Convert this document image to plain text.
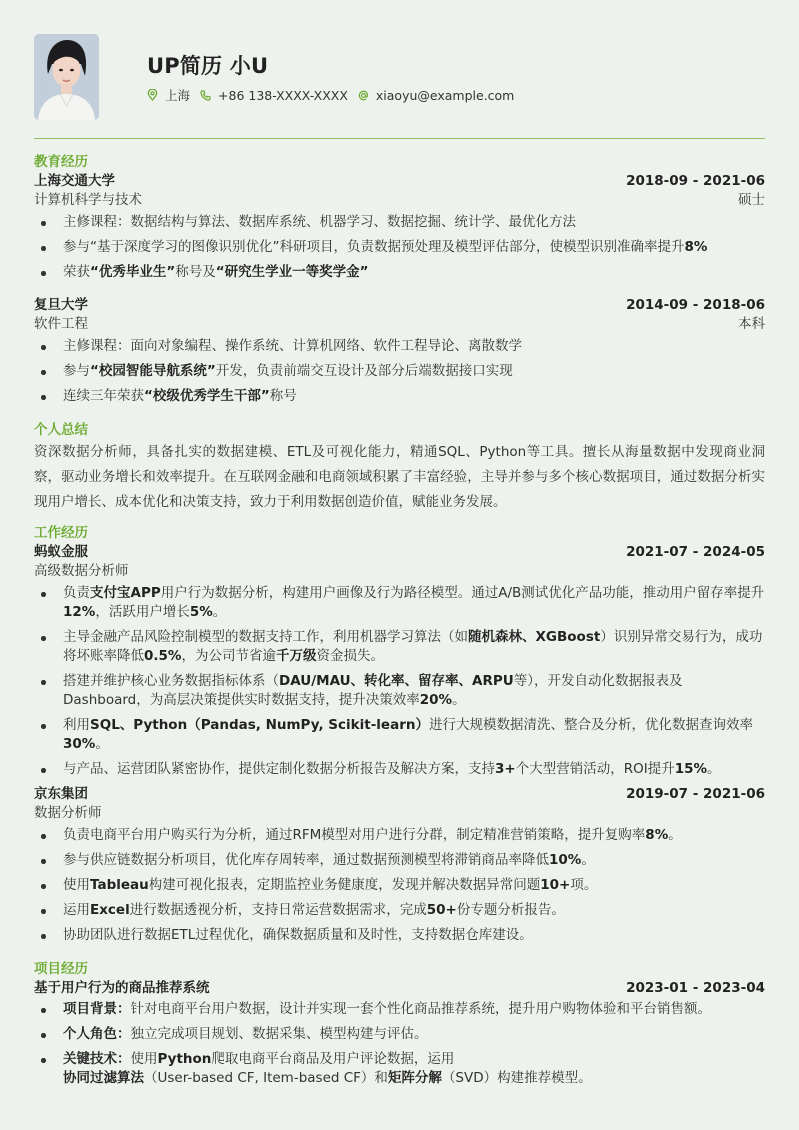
UP简历 小U
上海 +86 138-XXXX-XXXX xiaoyu@example.com
教育经历
上海交通大学	2018-09 - 2021-06
计算机科学与技术	硕士
主修课程：数据结构与算法、数据库系统、机器学习、数据挖掘、统计学、最优化方法
参与“基于深度学习的图像识别优化”科研项目，负责数据预处理及模型评估部分，使模型识别准确率提升8%
荣获“优秀毕业生”称号及“研究生学业一等奖学金”
复旦大学	2014-09 - 2018-06
软件工程	本科
主修课程：面向对象编程、操作系统、计算机网络、软件工程导论、离散数学
参与“校园智能导航系统”开发，负责前端交互设计及部分后端数据接口实现
连续三年荣获“校级优秀学生干部”称号
个人总结
资深数据分析师，具备扎实的数据建模、ETL及可视化能力，精通SQL、Python等工具。擅长从海量数据中发现商业洞察，驱动业务增长和效率提升。在互联网金融和电商领域积累了丰富经验，主导并参与多个核心数据项目，通过数据分析实现用户增长、成本优化和决策支持，致力于利用数据创造价值，赋能业务发展。
工作经历
蚂蚁金服	2021-07 - 2024-05
高级数据分析师
负责支付宝APP用户行为数据分析，构建用户画像及行为路径模型。通过A/B测试优化产品功能，推动用户留存率提升12%，活跃用户增长5%。
主导金融产品风险控制模型的数据支持工作，利用机器学习算法（如随机森林、XGBoost）识别异常交易行为，成功将坏账率降低0.5%，为公司节省逾千万级资金损失。
搭建并维护核心业务数据指标体系（DAU/MAU、转化率、留存率、ARPU等），开发自动化数据报表及Dashboard，为高层决策提供实时数据支持，提升决策效率20%。
利用SQL、Python（Pandas, NumPy, Scikit-learn）进行大规模数据清洗、整合及分析，优化数据查询效率30%。
与产品、运营团队紧密协作，提供定制化数据分析报告及解决方案，支持3+个大型营销活动，ROI提升15%。
京东集团	2019-07 - 2021-06
数据分析师
负责电商平台用户购买行为分析，通过RFM模型对用户进行分群，制定精准营销策略，提升复购率8%。
参与供应链数据分析项目，优化库存周转率，通过数据预测模型将滞销商品率降低10%。
使用Tableau构建可视化报表，定期监控业务健康度，发现并解决数据异常问题10+项。
运用Excel进行数据透视分析，支持日常运营数据需求，完成50+份专题分析报告。
协助团队进行数据ETL过程优化，确保数据质量和及时性，支持数据仓库建设。
项目经历
基于用户行为的商品推荐系统	2023-01 - 2023-04
项目背景：针对电商平台用户数据，设计并实现一套个性化商品推荐系统，提升用户购物体验和平台销售额。
个人角色：独立完成项目规划、数据采集、模型构建与评估。
关键技术：使用Python爬取电商平台商品及用户评论数据，运用
协同过滤算法（User-based CF, Item-based CF）和矩阵分解（SVD）构建推荐模型。
